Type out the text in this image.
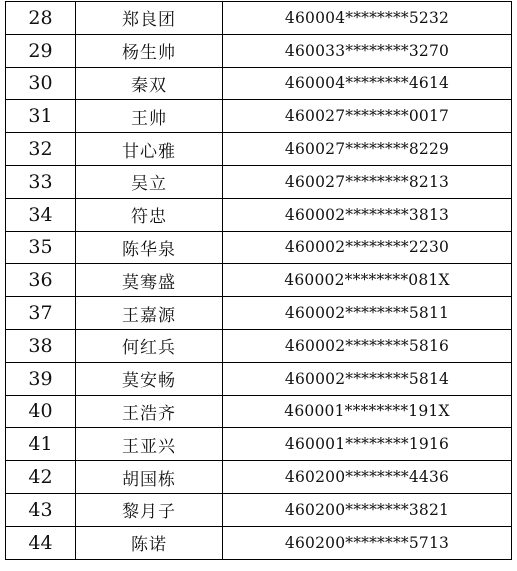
28	郑良团	460004********5232
29	杨生帅	460033********3270
30	秦双	460004********4614
31	王帅	460027********0017
32	甘心雅	460027********8229
33	吴立	460027********8213
34	符忠	460002********3813
35	陈华泉	460002********2230
36	莫骞盛	460002********081X
37	王嘉源	460002********5811
38	何红兵	460002********5816
39	莫安畅	460002********5814
40	王浩齐	460001********191X
41	王亚兴	460001********1916
42	胡国栋	460200********4436
43	黎月子	460200********3821
44	陈诺	460200********5713
